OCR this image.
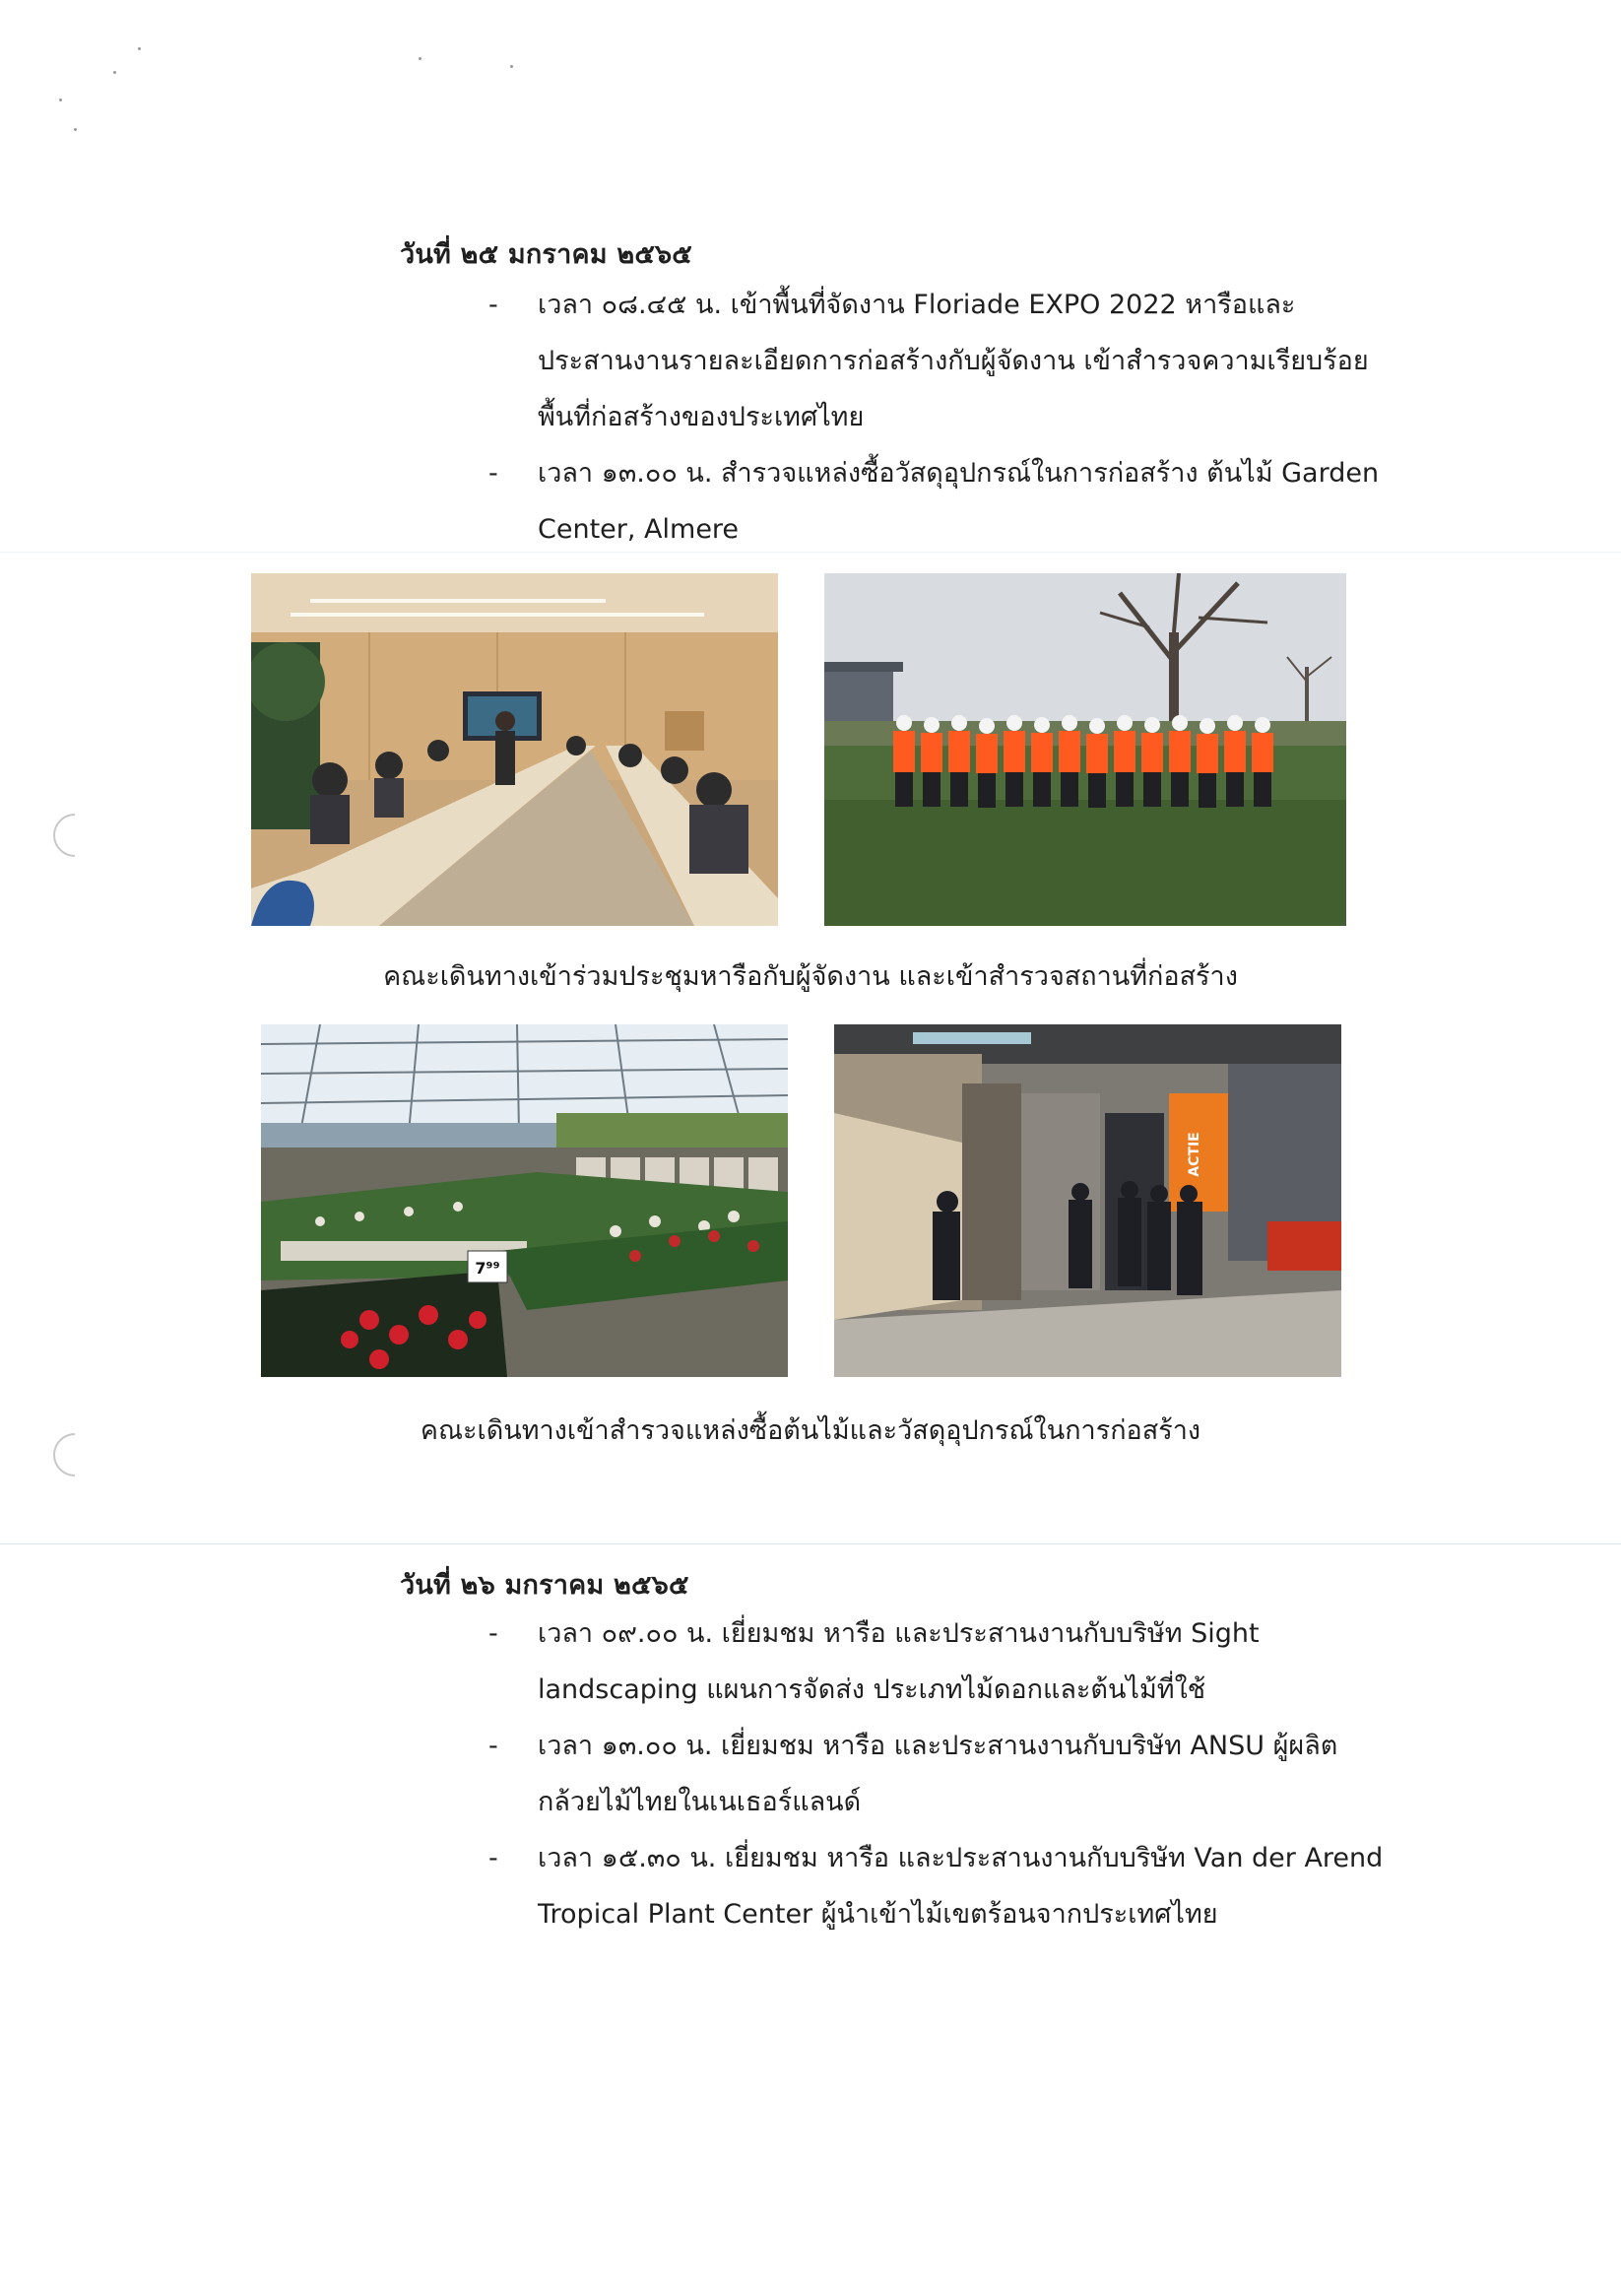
วันที่ ๒๕ มกราคม ๒๕๖๕
- เวลา ๐๘.๔๕ น. เข้าพื้นที่จัดงาน Floriade EXPO 2022 หารือและ
ประสานงานรายละเอียดการก่อสร้างกับผู้จัดงาน เข้าสำรวจความเรียบร้อย
พื้นที่ก่อสร้างของประเทศไทย
- เวลา ๑๓.๐๐ น. สำรวจแหล่งซื้อวัสดุอุปกรณ์ในการก่อสร้าง ต้นไม้ Garden
Center, Almere
คณะเดินทางเข้าร่วมประชุมหารือกับผู้จัดงาน และเข้าสำรวจสถานที่ก่อสร้าง
7⁹⁹
ACTIE
คณะเดินทางเข้าสำรวจแหล่งซื้อต้นไม้และวัสดุอุปกรณ์ในการก่อสร้าง
วันที่ ๒๖ มกราคม ๒๕๖๕
- เวลา ๐๙.๐๐ น. เยี่ยมชม หารือ และประสานงานกับบริษัท Sight
landscaping แผนการจัดส่ง ประเภทไม้ดอกและต้นไม้ที่ใช้
- เวลา ๑๓.๐๐ น. เยี่ยมชม หารือ และประสานงานกับบริษัท ANSU ผู้ผลิต
กล้วยไม้ไทยในเนเธอร์แลนด์
- เวลา ๑๕.๓๐ น. เยี่ยมชม หารือ และประสานงานกับบริษัท Van der Arend
Tropical Plant Center ผู้นำเข้าไม้เขตร้อนจากประเทศไทย
